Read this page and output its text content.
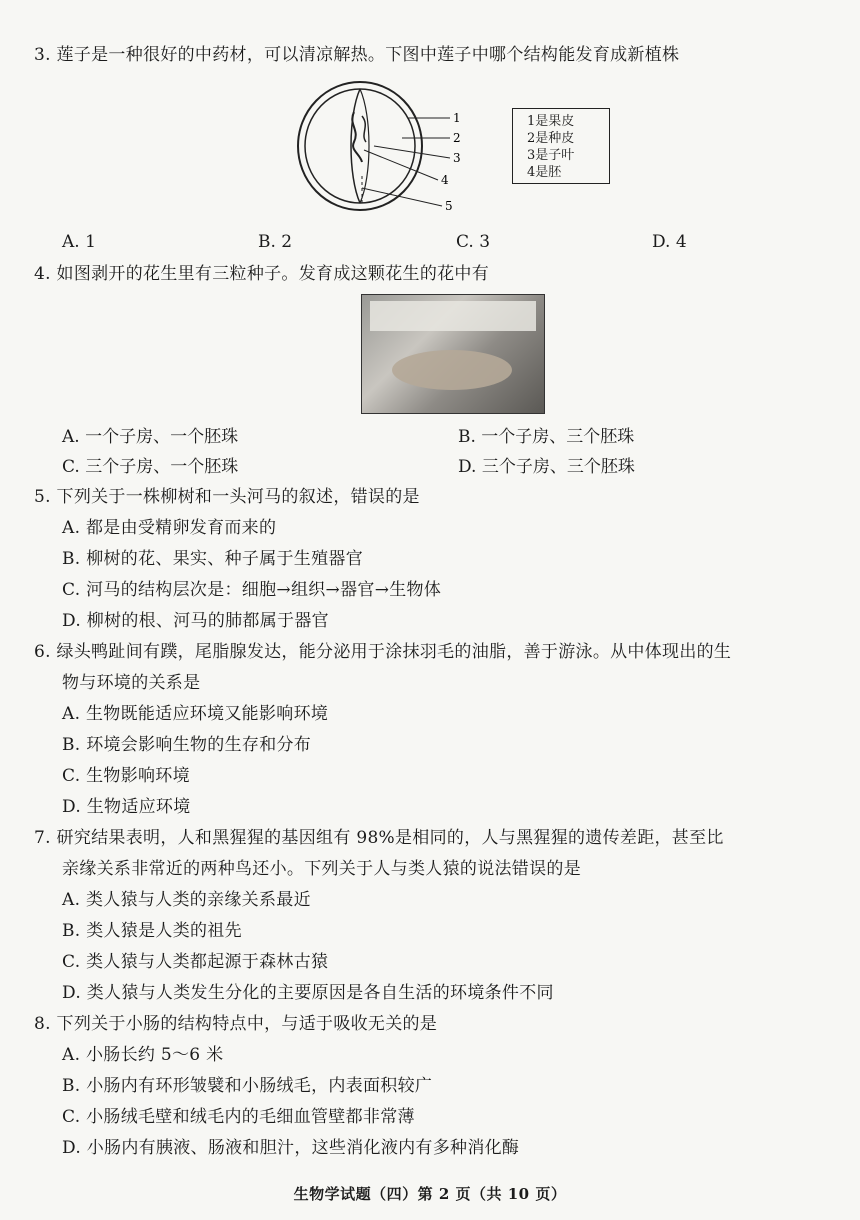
3. 莲子是一种很好的中药材，可以清凉解热。下图中莲子中哪个结构能发育成新植株
1
2
3
4
5
1是果皮
2是种皮
3是子叶
4是胚
A. 1	B. 2	C. 3	D. 4
4. 如图剥开的花生里有三粒种子。发育成这颗花生的花中有
A. 一个子房、一个胚珠	B. 一个子房、三个胚珠
C. 三个子房、一个胚珠	D. 三个子房、三个胚珠
5. 下列关于一株柳树和一头河马的叙述，错误的是
A. 都是由受精卵发育而来的
B. 柳树的花、果实、种子属于生殖器官
C. 河马的结构层次是：细胞→组织→器官→生物体
D. 柳树的根、河马的肺都属于器官
6. 绿头鸭趾间有蹼，尾脂腺发达，能分泌用于涂抹羽毛的油脂，善于游泳。从中体现出的生
物与环境的关系是
A. 生物既能适应环境又能影响环境
B. 环境会影响生物的生存和分布
C. 生物影响环境
D. 生物适应环境
7. 研究结果表明，人和黑猩猩的基因组有 98%是相同的，人与黑猩猩的遗传差距，甚至比
亲缘关系非常近的两种鸟还小。下列关于人与类人猿的说法错误的是
A. 类人猿与人类的亲缘关系最近
B. 类人猿是人类的祖先
C. 类人猿与人类都起源于森林古猿
D. 类人猿与人类发生分化的主要原因是各自生活的环境条件不同
8. 下列关于小肠的结构特点中，与适于吸收无关的是
A. 小肠长约 5～6 米
B. 小肠内有环形皱襞和小肠绒毛，内表面积较广
C. 小肠绒毛壁和绒毛内的毛细血管壁都非常薄
D. 小肠内有胰液、肠液和胆汁，这些消化液内有多种消化酶
生物学试题（四）第 2 页（共 10 页）
